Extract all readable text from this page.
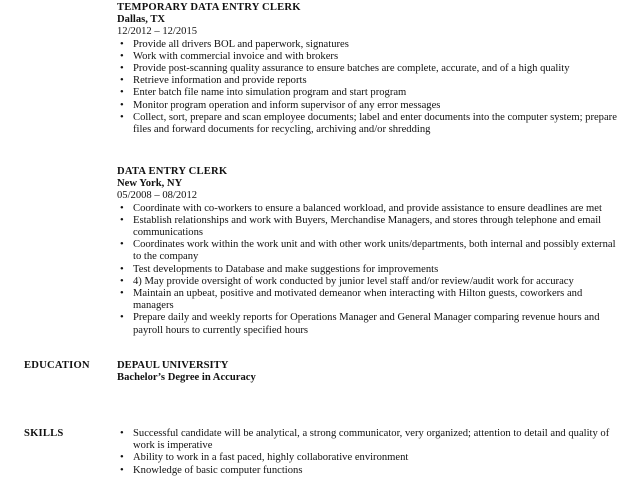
TEMPORARY DATA ENTRY CLERK
Dallas, TX
12/2012 – 12/2015
• Provide all drivers BOL and paperwork, signatures
• Work with commercial invoice and with brokers
• Provide post-scanning quality assurance to ensure batches are complete, accurate, and of a high quality
• Retrieve information and provide reports
• Enter batch file name into simulation program and start program
• Monitor program operation and inform supervisor of any error messages
• Collect, sort, prepare and scan employee documents; label and enter documents into the computer system; prepare files and forward documents for recycling, archiving and/or shredding
DATA ENTRY CLERK
New York, NY
05/2008 – 08/2012
• Coordinate with co-workers to ensure a balanced workload, and provide assistance to ensure deadlines are met
• Establish relationships and work with Buyers, Merchandise Managers, and stores through telephone and email communications
• Coordinates work within the work unit and with other work units/departments, both internal and possibly external to the company
• Test developments to Database and make suggestions for improvements
• 4) May provide oversight of work conducted by junior level staff and/or review/audit work for accuracy
• Maintain an upbeat, positive and motivated demeanor when interacting with Hilton guests, coworkers and managers
• Prepare daily and weekly reports for Operations Manager and General Manager comparing revenue hours and payroll hours to currently specified hours
EDUCATION	DEPAUL UNIVERSITY
Bachelor’s Degree in Accuracy
SKILLS	• Successful candidate will be analytical, a strong communicator, very organized; attention to detail and quality of work is imperative
• Ability to work in a fast paced, highly collaborative environment
• Knowledge of basic computer functions
